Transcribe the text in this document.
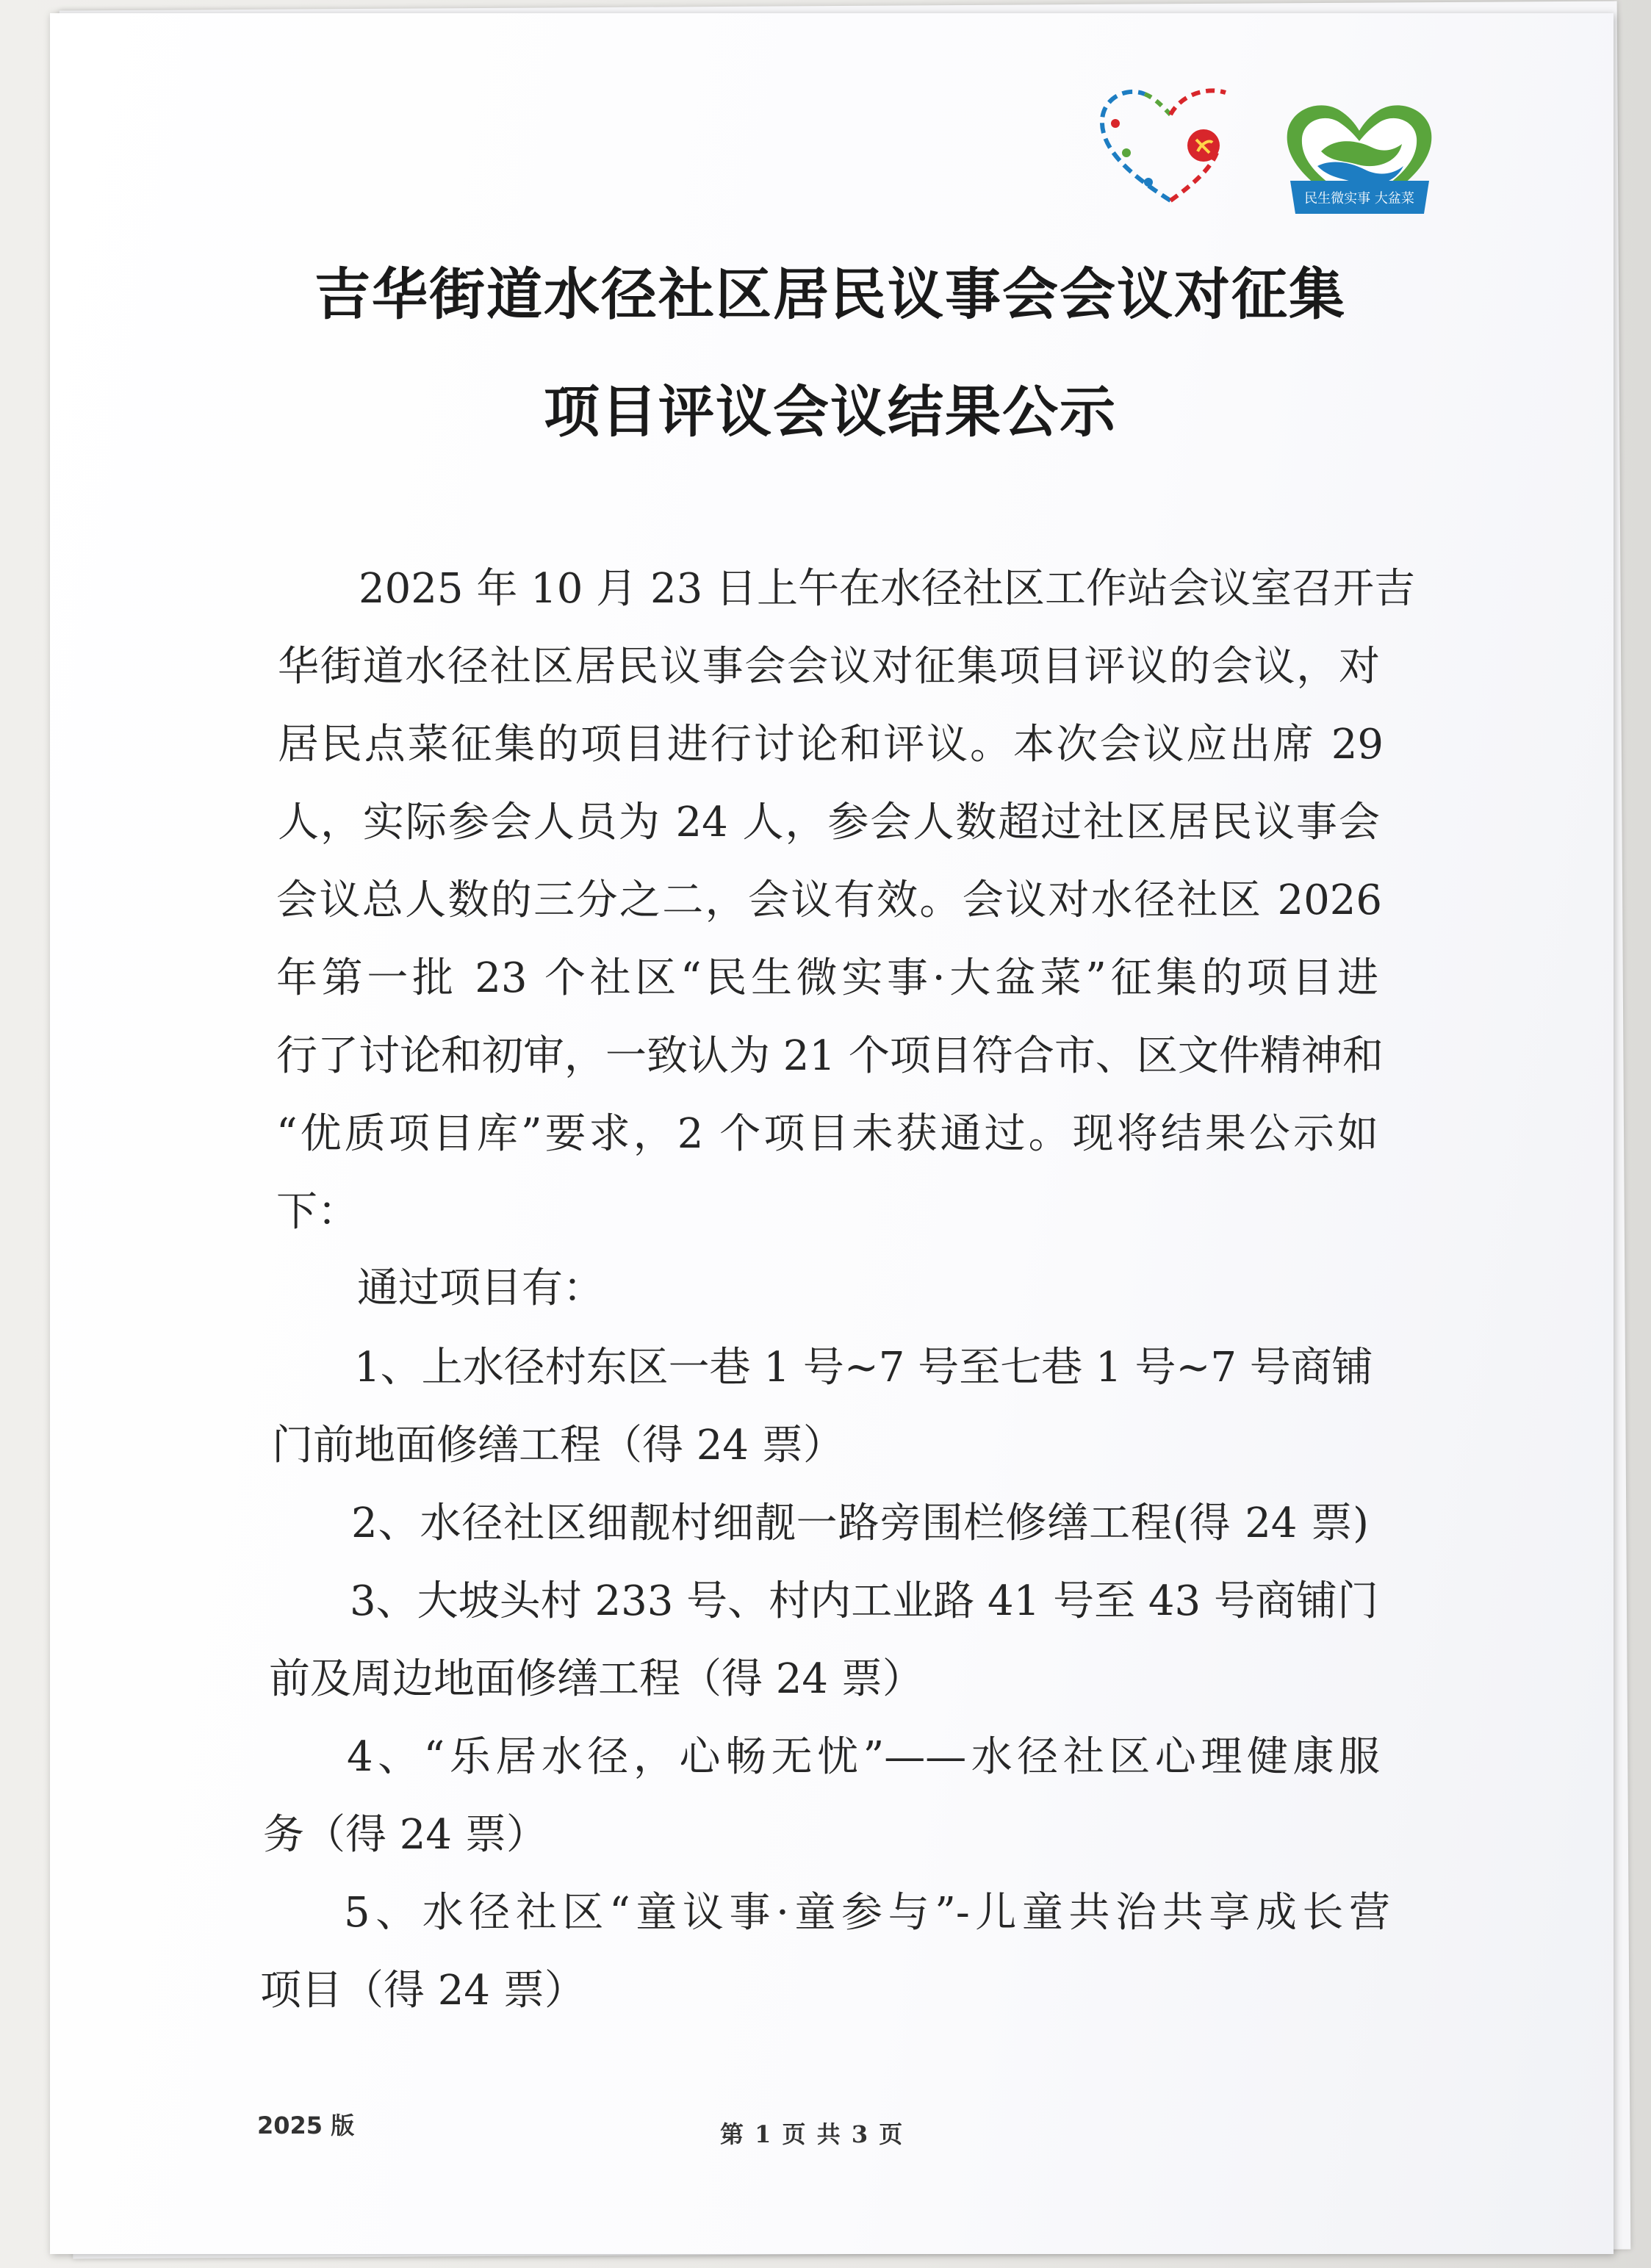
民生微实事 大盆菜
吉华街道水径社区居民议事会会议对征集
项目评议会议结果公示
2025 年 10 月 23 日上午在水径社区工作站会议室召开吉
华街道水径社区居民议事会会议对征集项目评议的会议，对
居民点菜征集的项目进行讨论和评议。本次会议应出席 29
人，实际参会人员为 24 人，参会人数超过社区居民议事会
会议总人数的三分之二，会议有效。会议对水径社区 2026
年第一批 23 个社区“民生微实事·大盆菜”征集的项目进
行了讨论和初审，一致认为 21 个项目符合市、区文件精神和
“优质项目库”要求，2 个项目未获通过。现将结果公示如
下：
通过项目有：
1、上水径村东区一巷 1 号~7 号至七巷 1 号~7 号商铺
门前地面修缮工程（得 24 票）
2、水径社区细靓村细靓一路旁围栏修缮工程(得 24 票)
3、大坡头村 233 号、村内工业路 41 号至 43 号商铺门
前及周边地面修缮工程（得 24 票）
4、“乐居水径，心畅无忧”——水径社区心理健康服
务（得 24 票）
5、水径社区“童议事·童参与”-儿童共治共享成长营
项目（得 24 票）
2025 版	第 1 页 共 3 页
